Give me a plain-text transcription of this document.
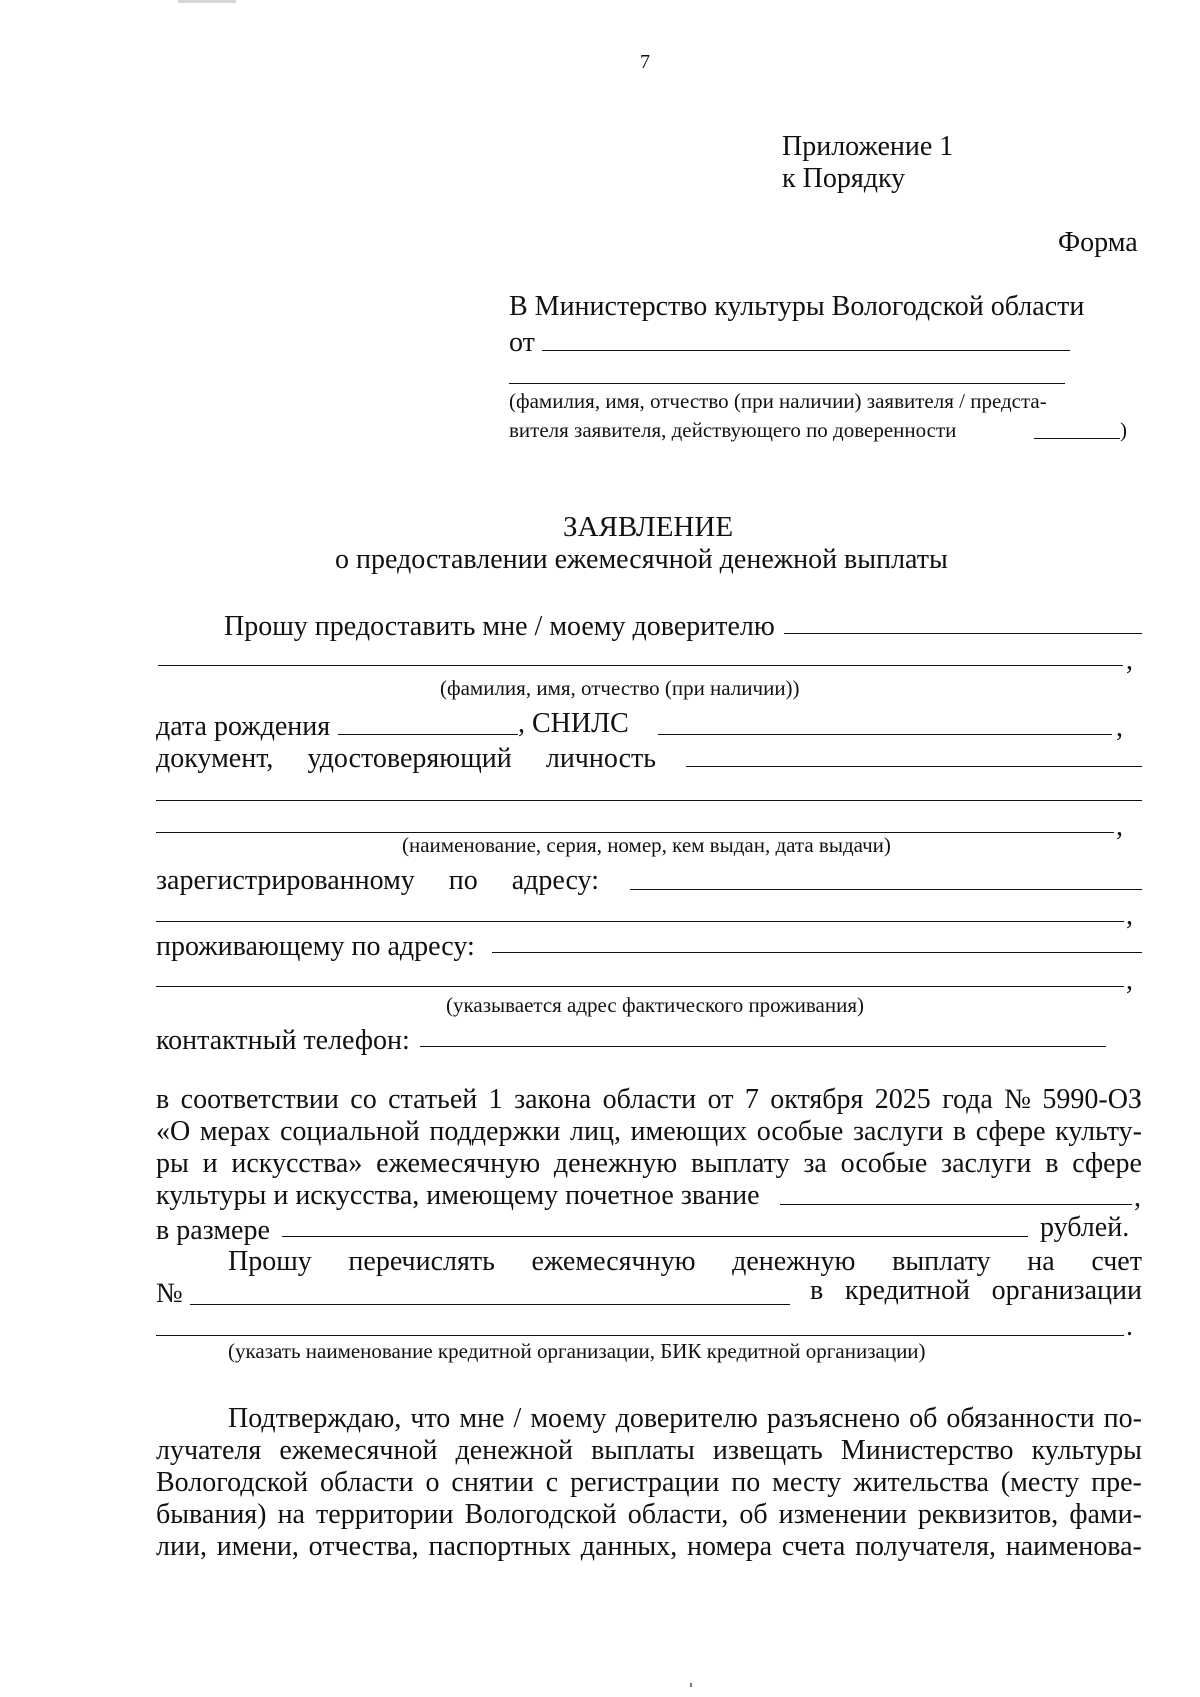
7
Приложение 1
к Порядку
Форма
В Министерство культуры Вологодской области
от
(фамилия, имя, отчество (при наличии) заявителя / предста-
вителя заявителя, действующего по доверенности	)
ЗАЯВЛЕНИЕ
о предоставлении ежемесячной денежной выплаты
Прошу предоставить мне / моему доверителю
,
(фамилия, имя, отчество (при наличии))
дата рождения	, СНИЛС	,
документ, удостоверяющий личность
,
(наименование, серия, номер, кем выдан, дата выдачи)
зарегистрированному по адресу:
,
проживающему по адресу:
,
(указывается адрес фактического проживания)
контактный телефон:
в соответствии со статьей 1 закона области от 7 октября 2025 года № 5990-ОЗ
«О мерах социальной поддержки лиц, имеющих особые заслуги в сфере культу-
ры и искусства» ежемесячную денежную выплату за особые заслуги в сфере
культуры и искусства, имеющему почетное звание	,
в размере	рублей.
Прошу перечислять ежемесячную денежную выплату на счет
№	в кредитной организации
.
(указать наименование кредитной организации, БИК кредитной организации)
Подтверждаю, что мне / моему доверителю разъяснено об обязанности по-
лучателя ежемесячной денежной выплаты извещать Министерство культуры
Вологодской области о снятии с регистрации по месту жительства (месту пре-
бывания) на территории Вологодской области, об изменении реквизитов, фами-
лии, имени, отчества, паспортных данных, номера счета получателя, наименова-
